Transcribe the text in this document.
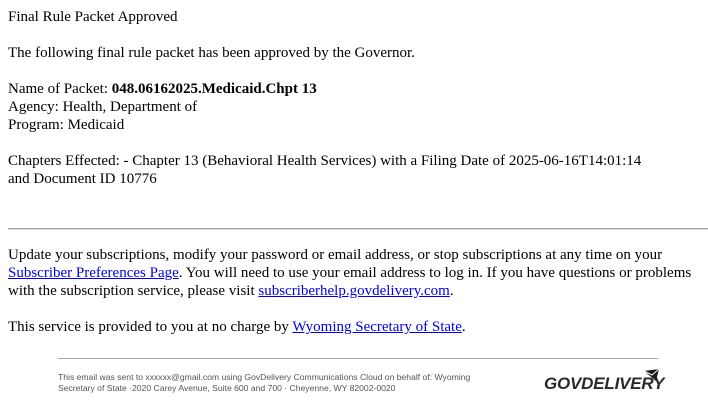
Final Rule Packet Approved

The following final rule packet has been approved by the Governor.

Name of Packet: 048.06162025.Medicaid.Chpt 13

Agency: Health, Department of

Program: Medicaid

Chapters Effected: - Chapter 13 (Behavioral Health Services) with a Filing Date of 2025-06-16T14:01:14

and Document ID 10776

Update your subscriptions, modify your password or email address, or stop subscriptions at any time on your Subscriber Preferences Page. You will need to use your email address to log in. If you have questions or problems with the subscription service, please visit subscriberhelp.govdelivery.com.

This service is provided to you at no charge by Wyoming Secretary of State.

This email was sent to xxxxxx@gmail.com using GovDelivery Communications Cloud on behalf of: Wyoming
Secretary of State ·2020 Carey Avenue, Suite 600 and 700 · Cheyenne, WY 82002-0020	GOVDELIVERY
